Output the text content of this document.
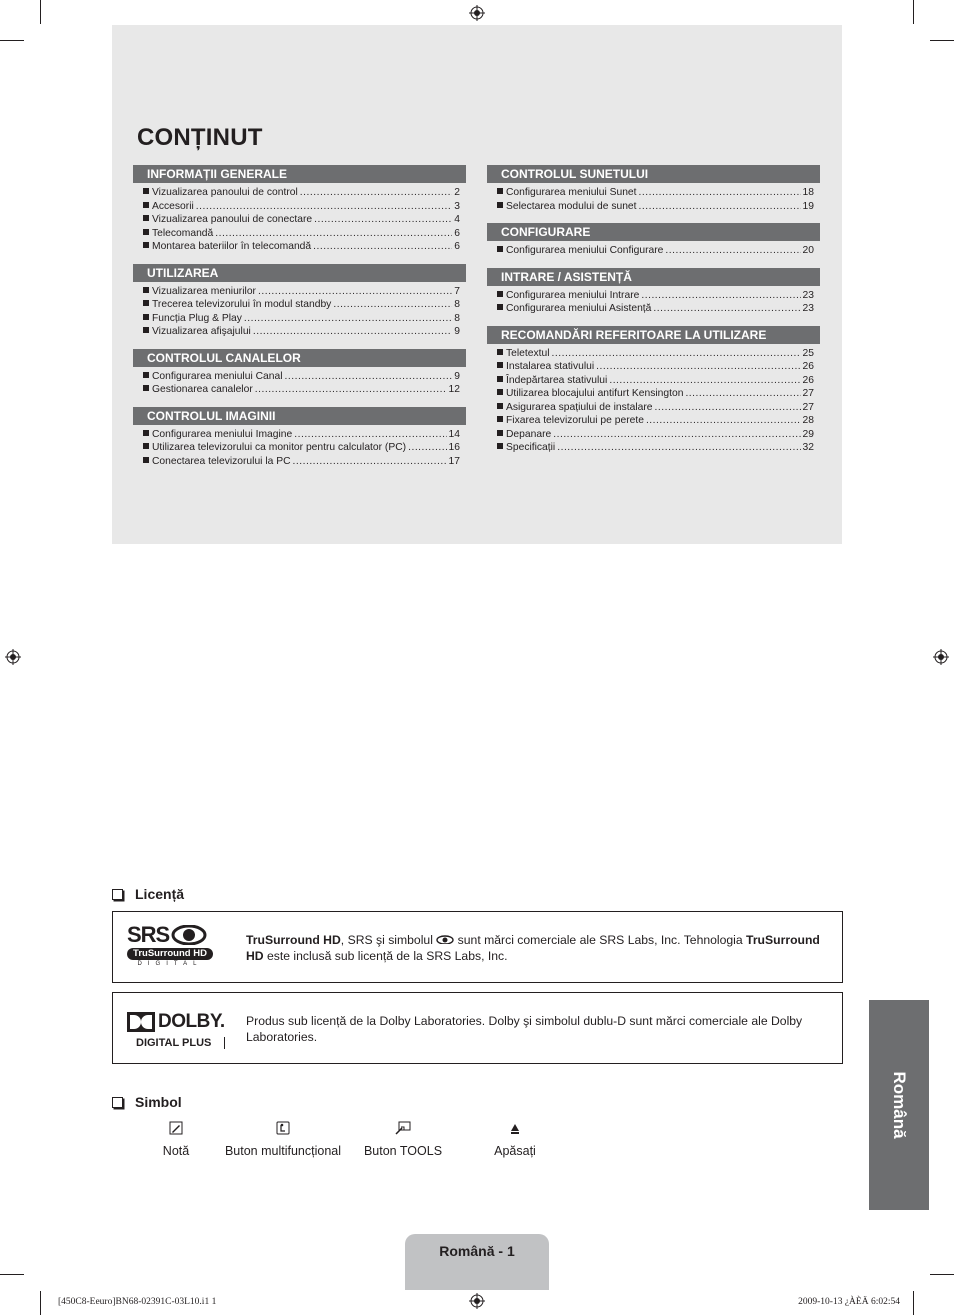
CONȚINUT
INFORMAȚII GENERALE
Vizualizarea panoului de control .....	2
Accesorii .....	3
Vizualizarea panoului de conectare .....	4
Telecomandă .....	6
Montarea bateriilor în telecomandă .....	6
UTILIZAREA
Vizualizarea meniurilor .....	7
Trecerea televizorului în modul standby .....	8
Funcția Plug & Play .....	8
Vizualizarea afişajului .....	9
CONTROLUL CANALELOR
Configurarea meniului Canal .....	9
Gestionarea canalelor .....	12
CONTROLUL IMAGINII
Configurarea meniului Imagine .....	14
Utilizarea televizorului ca monitor pentru calculator (PC) .....	16
Conectarea televizorului la PC .....	17
CONTROLUL SUNETULUI
Configurarea meniului Sunet .....	18
Selectarea modului de sunet .....	19
CONFIGURARE
Configurarea meniului Configurare .....	20
INTRARE / ASISTENȚĂ
Configurarea meniului Intrare .....	23
Configurarea meniului Asistență .....	23
RECOMANDĂRI REFERITOARE LA UTILIZARE
Teletextul .....	25
Instalarea stativului .....	26
Îndepărtarea stativului .....	26
Utilizarea blocajului antifurt Kensington .....	27
Asigurarea spațiului de instalare .....	27
Fixarea televizorului pe perete .....	28
Depanare .....	29
Specificații .....	32
Licență
SRS
TruSurround HD
DIGITAL
TruSurround HD, SRS şi simbolul  sunt mărci comerciale ale SRS Labs, Inc. Tehnologia TruSurround HD este inclusă sub licență de la SRS Labs, Inc.
DOLBY.
DIGITAL PLUS
Produs sub licență de la Dolby Laboratories. Dolby şi simbolul dublu-D sunt mărci comerciale ale Dolby Laboratories.
Simbol
Notă	Buton multifuncțional	Buton TOOLS	Apăsați
Română
Română - 1
[450C8-Eeuro]BN68-02391C-03L10.i1 1	2009-10-13 ¿ÀÈÄ 6:02:54
